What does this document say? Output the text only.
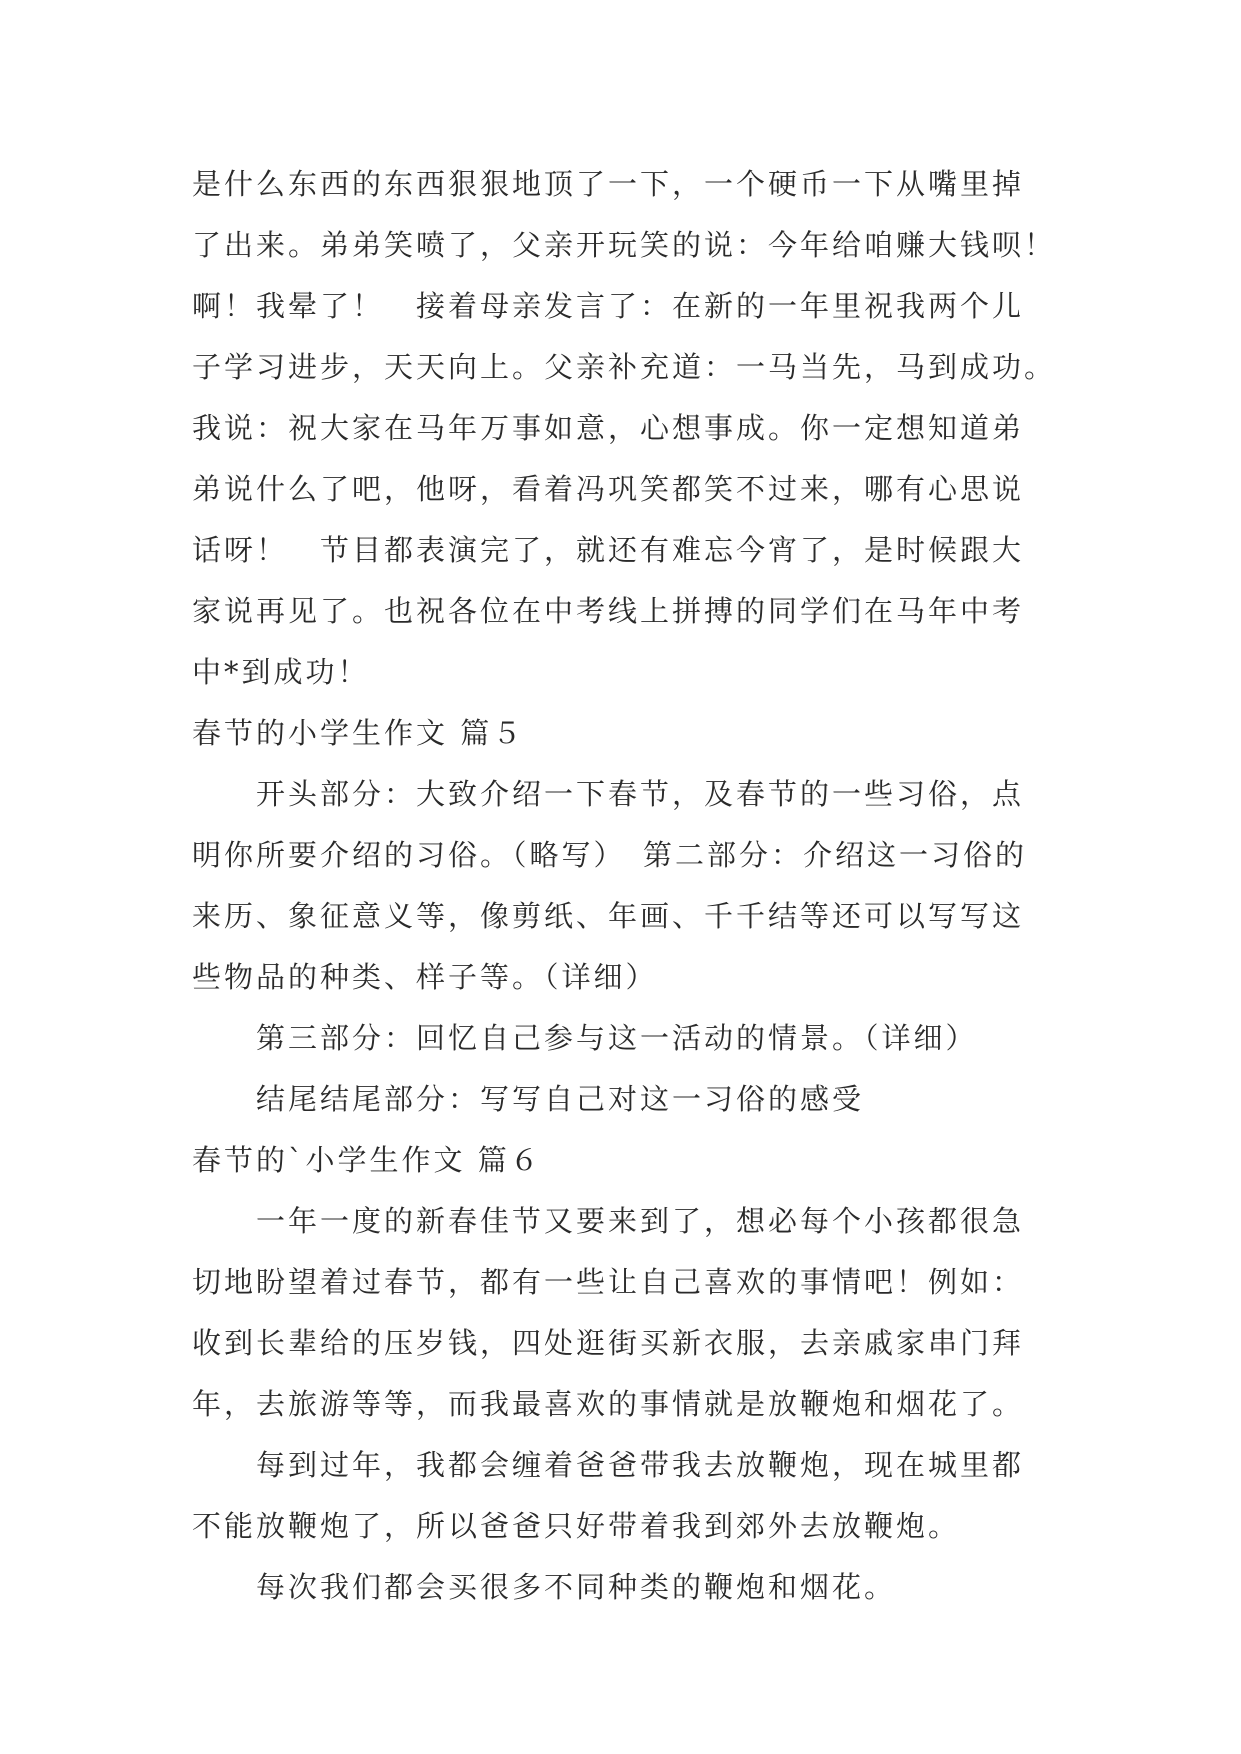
是什么东西的东西狠狠地顶了一下，一个硬币一下从嘴里掉
了出来。弟弟笑喷了，父亲开玩笑的说：今年给咱赚大钱呗！
啊！我晕了！　接着母亲发言了：在新的一年里祝我两个儿
子学习进步，天天向上。父亲补充道：一马当先，马到成功。
我说：祝大家在马年万事如意，心想事成。你一定想知道弟
弟说什么了吧，他呀，看着冯巩笑都笑不过来，哪有心思说
话呀！　节目都表演完了，就还有难忘今宵了，是时候跟大
家说再见了。也祝各位在中考线上拼搏的同学们在马年中考
中*到成功！
春节的小学生作文 篇５
开头部分：大致介绍一下春节，及春节的一些习俗，点
明你所要介绍的习俗。（略写）　第二部分：介绍这一习俗的
来历、象征意义等，像剪纸、年画、千千结等还可以写写这
些物品的种类、样子等。（详细）
第三部分：回忆自己参与这一活动的情景。（详细）
结尾结尾部分：写写自己对这一习俗的感受
春节的`小学生作文 篇６
一年一度的新春佳节又要来到了，想必每个小孩都很急
切地盼望着过春节，都有一些让自己喜欢的事情吧！例如：
收到长辈给的压岁钱，四处逛街买新衣服，去亲戚家串门拜
年，去旅游等等，而我最喜欢的事情就是放鞭炮和烟花了。
每到过年，我都会缠着爸爸带我去放鞭炮，现在城里都
不能放鞭炮了，所以爸爸只好带着我到郊外去放鞭炮。
每次我们都会买很多不同种类的鞭炮和烟花。
